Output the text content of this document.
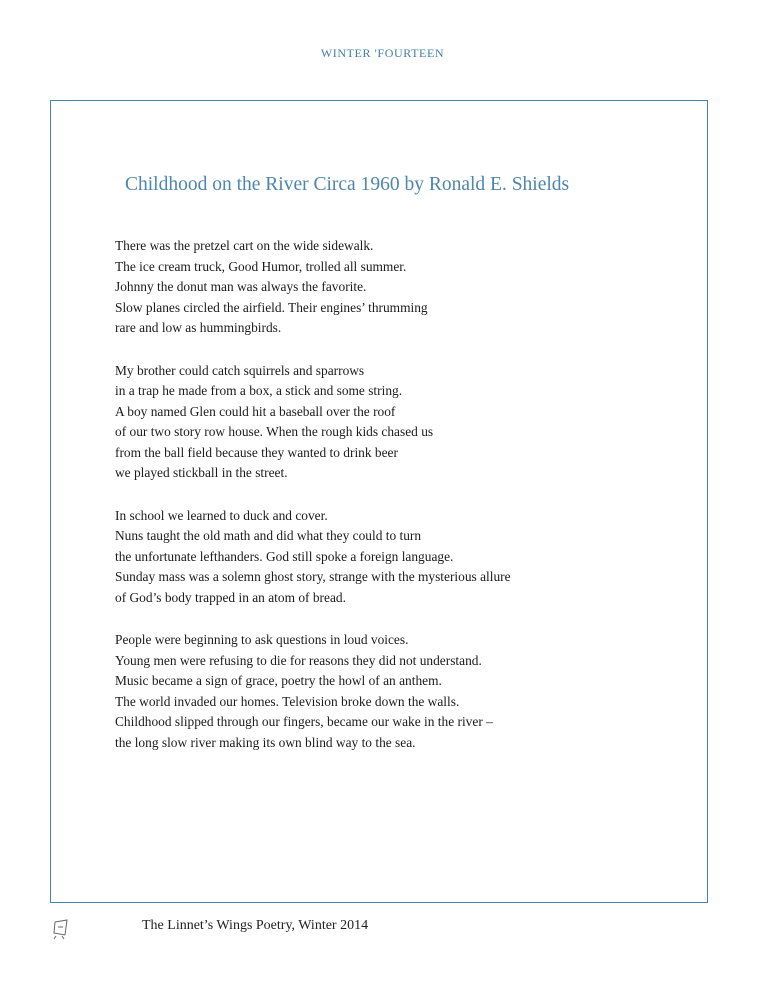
WINTER 'FOURTEEN
Childhood on the River Circa 1960 by Ronald E. Shields
There was the pretzel cart on the wide sidewalk.
The ice cream truck, Good Humor, trolled all summer.
Johnny the donut man was always the favorite.
Slow planes circled the airfield. Their engines’ thrumming
rare and low as hummingbirds.
My brother could catch squirrels and sparrows
in a trap he made from a box, a stick and some string.
A boy named Glen could hit a baseball over the roof
of our two story row house. When the rough kids chased us
from the ball field because they wanted to drink beer
we played stickball in the street.
In school we learned to duck and cover.
Nuns taught the old math and did what they could to turn
the unfortunate lefthanders. God still spoke a foreign language.
Sunday mass was a solemn ghost story, strange with the mysterious allure
of God’s body trapped in an atom of bread.
People were beginning to ask questions in loud voices.
Young men were refusing to die for reasons they did not understand.
Music became a sign of grace, poetry the howl of an anthem.
The world invaded our homes. Television broke down the walls.
Childhood slipped through our fingers, became our wake in the river –
the long slow river making its own blind way to the sea.
The Linnet’s Wings Poetry, Winter 2014
